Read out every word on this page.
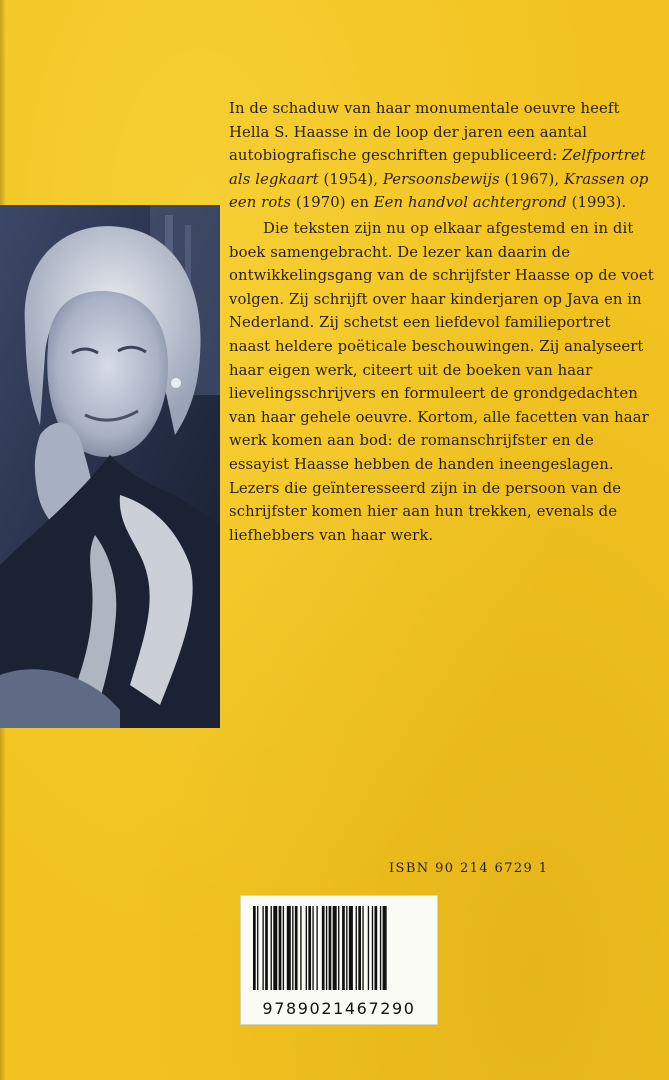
In de schaduw van haar monumentale oeuvre heeft Hella S. Haasse in de loop der jaren een aantal autobiografische geschriften gepubliceerd: Zelfportret als legkaart (1954), Persoonsbewijs (1967), Krassen op een rots (1970) en Een handvol achtergrond (1993).

Die teksten zijn nu op elkaar afgestemd en in dit boek samengebracht. De lezer kan daarin de ontwikkelingsgang van de schrijfster Haasse op de voet volgen. Zij schrijft over haar kinderjaren op Java en in Nederland. Zij schetst een liefdevol familieportret naast heldere poëticale beschouwingen. Zij analyseert haar eigen werk, citeert uit de boeken van haar lievelingsschrijvers en formuleert de grondgedachten van haar gehele oeuvre. Kortom, alle facetten van haar werk komen aan bod: de romanschrijfster en de essayist Haasse hebben de handen ineengeslagen. Lezers die geïnteresseerd zijn in de persoon van de schrijfster komen hier aan hun trekken, evenals de liefhebbers van haar werk.

ISBN 90 214 6729 1
9789021467290
